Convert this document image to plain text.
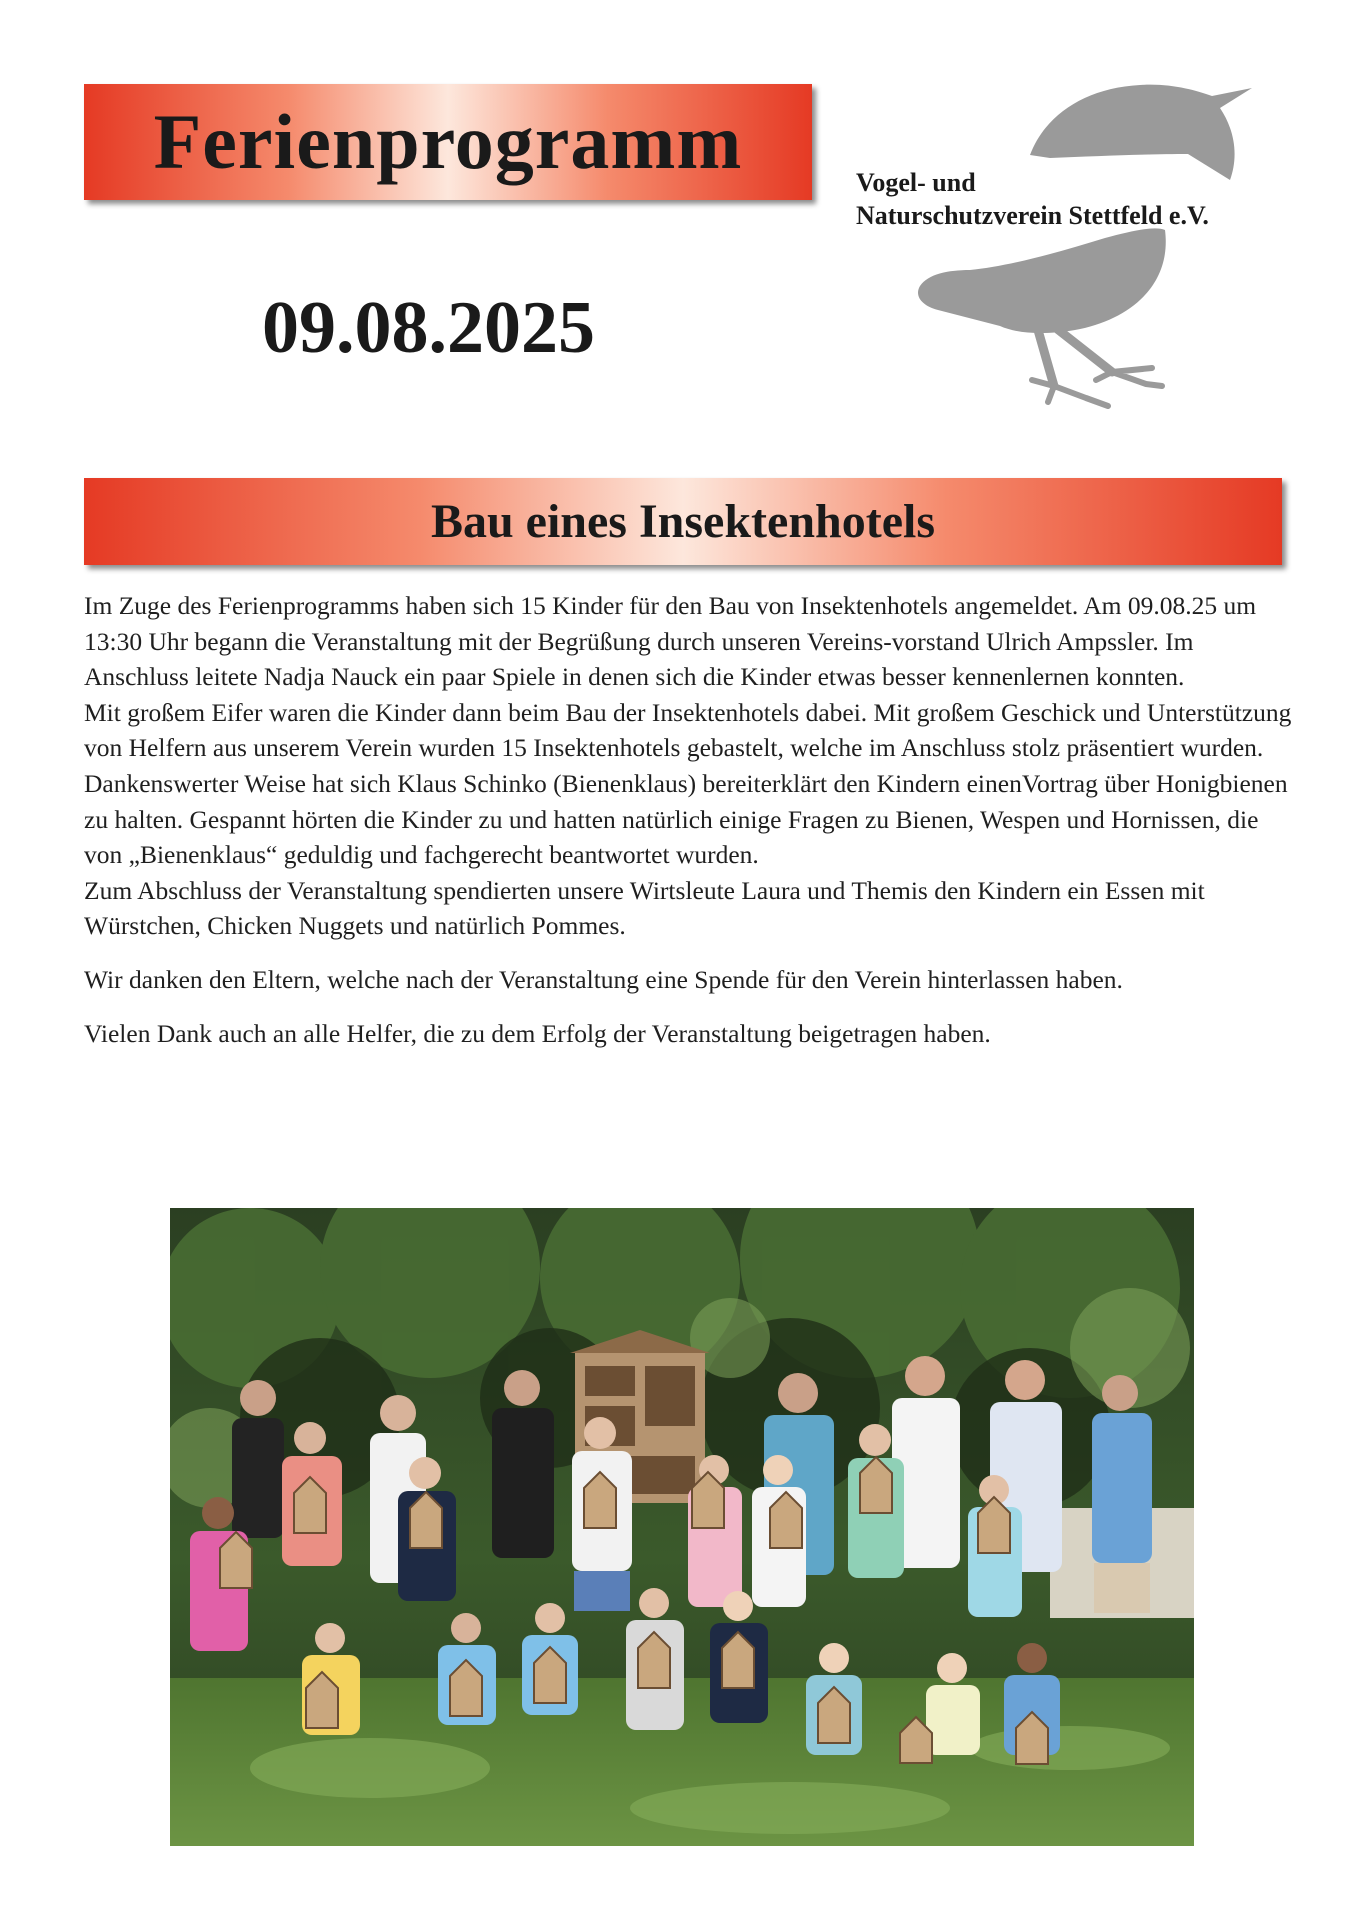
Ferienprogramm
09.08.2025
Vogel- und
Naturschutzverein Stettfeld e.V.
Bau eines Insektenhotels

Im Zuge des Ferienprogramms haben sich 15 Kinder für den Bau von Insektenhotels angemeldet. Am 09.08.25 um 13:30 Uhr begann die Veranstaltung mit der Begrüßung durch unseren Vereins-vorstand Ulrich Ampssler. Im Anschluss leitete Nadja Nauck ein paar Spiele in denen sich die Kinder etwas besser kennenlernen konnten.

Mit großem Eifer waren die Kinder dann beim Bau der Insektenhotels dabei. Mit großem Geschick und Unterstützung von Helfern aus unserem Verein wurden 15 Insektenhotels gebastelt, welche im Anschluss stolz präsentiert wurden.

Dankenswerter Weise hat sich Klaus Schinko (Bienenklaus) bereiterklärt den Kindern einenVortrag über Honigbienen zu halten. Gespannt hörten die Kinder zu und hatten natürlich einige Fragen zu Bienen, Wespen und Hornissen, die von „Bienenklaus“ geduldig und fachgerecht beantwortet wurden.

Zum Abschluss der Veranstaltung spendierten unsere Wirtsleute Laura und Themis den Kindern ein Essen mit Würstchen, Chicken Nuggets und natürlich Pommes.

Wir danken den Eltern, welche nach der Veranstaltung eine Spende für den Verein hinterlassen haben.

Vielen Dank auch an alle Helfer, die zu dem Erfolg der Veranstaltung beigetragen haben.
